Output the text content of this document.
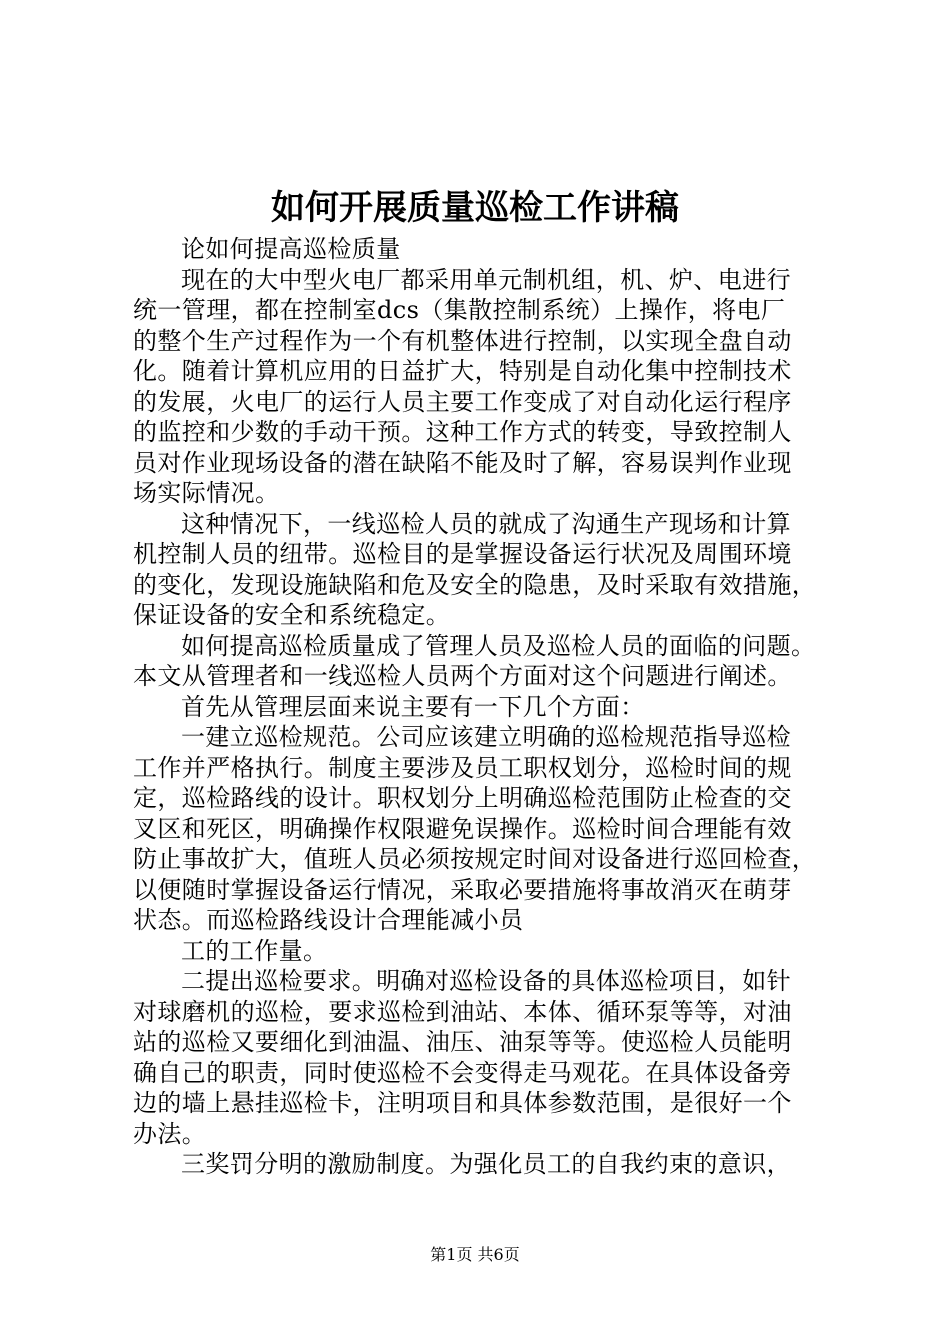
如何开展质量巡检工作讲稿
论如何提高巡检质量
现在的大中型火电厂都采用单元制机组，机、炉、电进行
统一管理，都在控制室dcs（集散控制系统）上操作，将电厂
的整个生产过程作为一个有机整体进行控制，以实现全盘自动
化。随着计算机应用的日益扩大，特别是自动化集中控制技术
的发展，火电厂的运行人员主要工作变成了对自动化运行程序
的监控和少数的手动干预。这种工作方式的转变，导致控制人
员对作业现场设备的潜在缺陷不能及时了解，容易误判作业现
场实际情况。
这种情况下，一线巡检人员的就成了沟通生产现场和计算
机控制人员的纽带。巡检目的是掌握设备运行状况及周围环境
的变化，发现设施缺陷和危及安全的隐患，及时采取有效措施，
保证设备的安全和系统稳定。
如何提高巡检质量成了管理人员及巡检人员的面临的问题。
本文从管理者和一线巡检人员两个方面对这个问题进行阐述。
首先从管理层面来说主要有一下几个方面：
一建立巡检规范。公司应该建立明确的巡检规范指导巡检
工作并严格执行。制度主要涉及员工职权划分，巡检时间的规
定，巡检路线的设计。职权划分上明确巡检范围防止检查的交
叉区和死区，明确操作权限避免误操作。巡检时间合理能有效
防止事故扩大，值班人员必须按规定时间对设备进行巡回检查，
以便随时掌握设备运行情况，采取必要措施将事故消灭在萌芽
状态。而巡检路线设计合理能减小员
工的工作量。
二提出巡检要求。明确对巡检设备的具体巡检项目，如针
对球磨机的巡检，要求巡检到油站、本体、循环泵等等，对油
站的巡检又要细化到油温、油压、油泵等等。使巡检人员能明
确自己的职责，同时使巡检不会变得走马观花。在具体设备旁
边的墙上悬挂巡检卡，注明项目和具体参数范围，是很好一个
办法。
三奖罚分明的激励制度。为强化员工的自我约束的意识，
第1页 共6页
